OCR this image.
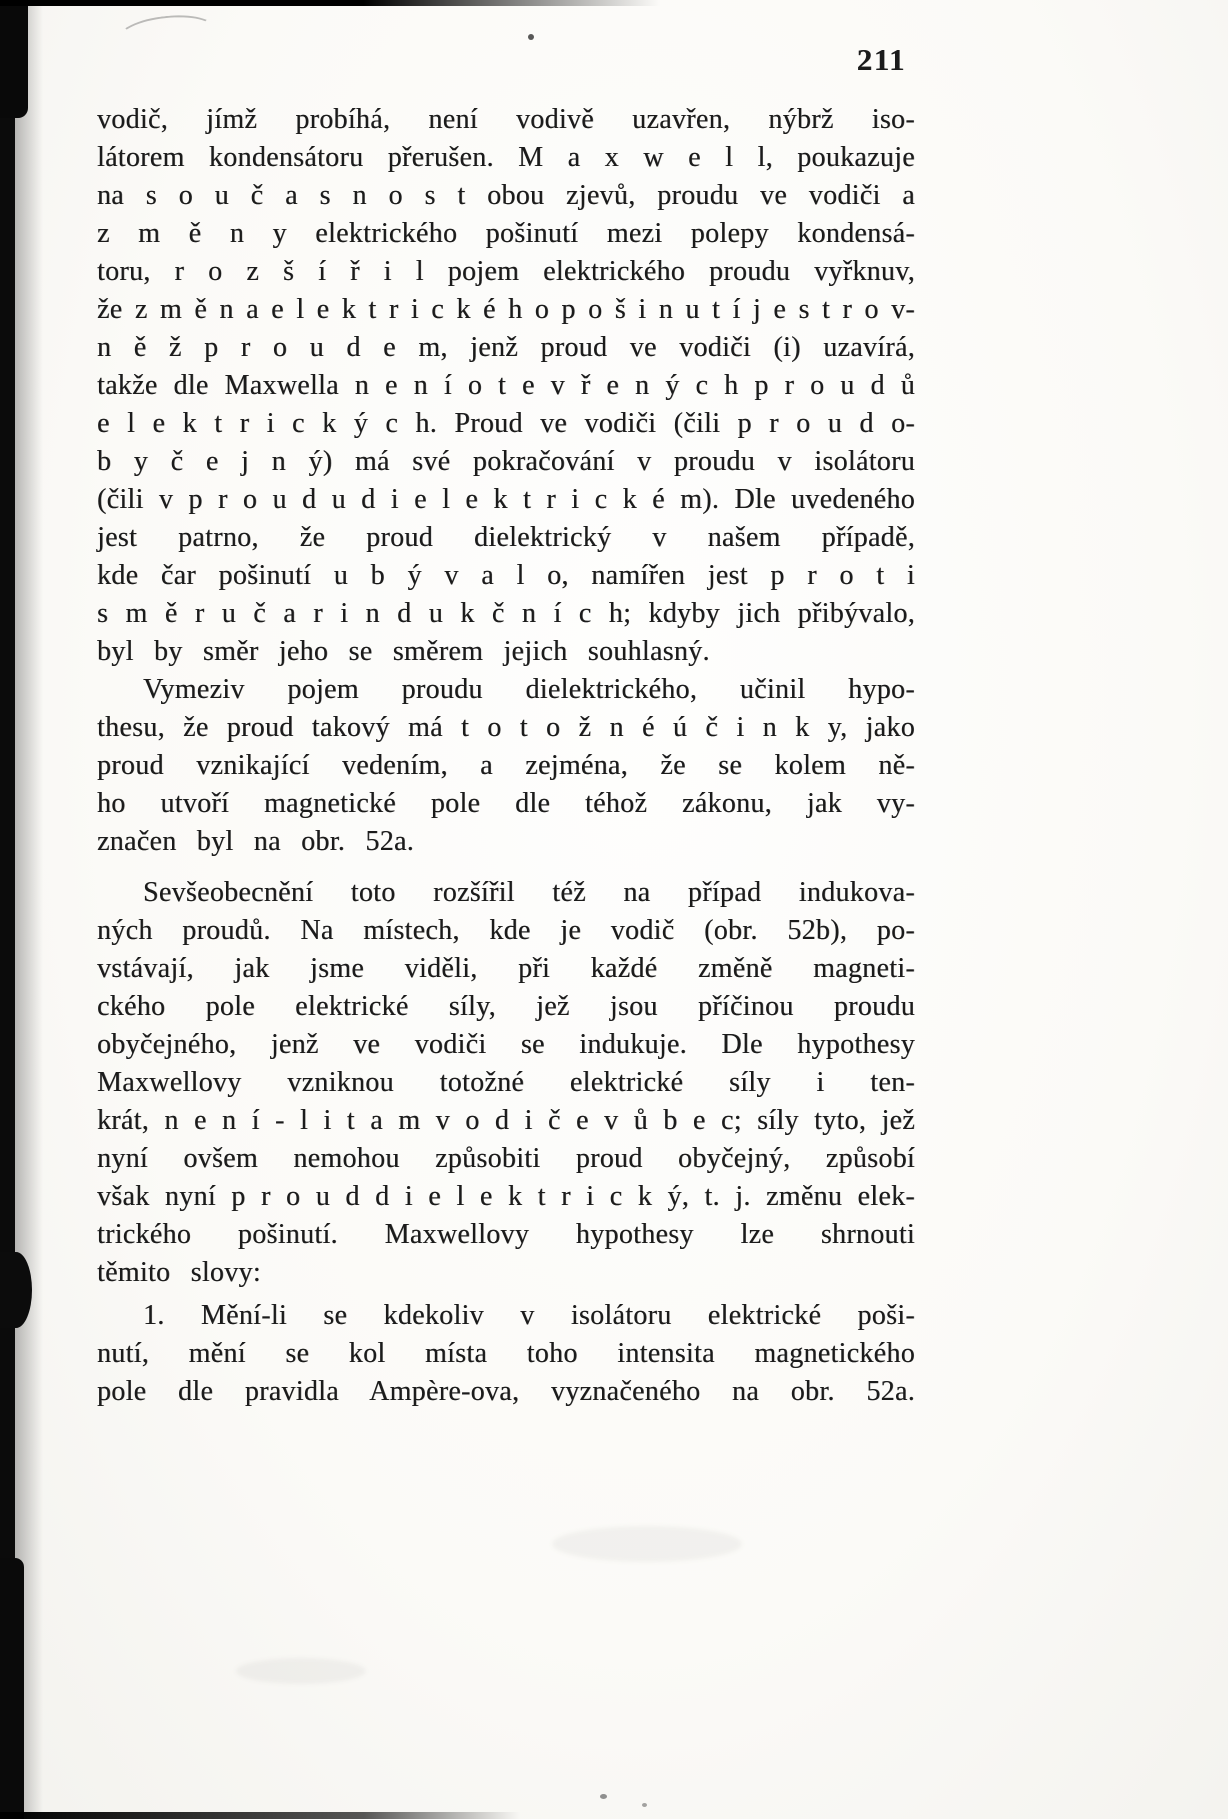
211
vodič, jímž probíhá, není vodivě uzavřen, nýbrž iso-
látorem kondensátoru přerušen. M a x w e l l, poukazuje
na s o u č a s n o s t obou zjevů, proudu ve vodiči a
z m ě n y elektrického pošinutí mezi polepy kondensá-
toru, r o z š í ř i l pojem elektrického proudu vyřknuv,
že z m ě n a e l e k t r i c k é h o p o š i n u t í j e s t r o v-
n ě ž p r o u d e m, jenž proud ve vodiči (i) uzavírá,
takže dle Maxwella n e n í o t e v ř e n ý c h p r o u d ů
e l e k t r i c k ý c h. Proud ve vodiči (čili p r o u d o-
b y č e j n ý) má své pokračování v proudu v isolátoru
(čili v p r o u d u d i e l e k t r i c k é m). Dle uvedeného
jest patrno, že proud dielektrický v našem případě,
kde čar pošinutí u b ý v a l o, namířen jest p r o t i
s m ě r u č a r i n d u k č n í c h; kdyby jich přibývalo,
byl by směr jeho se směrem jejich souhlasný.
Vymeziv pojem proudu dielektrického, učinil hypo-
thesu, že proud takový má t o t o ž n é ú č i n k y, jako
proud vznikající vedením, a zejména, že se kolem ně-
ho utvoří magnetické pole dle téhož zákonu, jak vy-
značen byl na obr. 52a.
Sevšeobecnění toto rozšířil též na případ indukova-
ných proudů. Na místech, kde je vodič (obr. 52b), po-
vstávají, jak jsme viděli, při každé změně magneti-
ckého pole elektrické síly, jež jsou příčinou proudu
obyčejného, jenž ve vodiči se indukuje. Dle hypothesy
Maxwellovy vzniknou totožné elektrické síly i ten-
krát, n e n í - l i t a m v o d i č e v ů b e c; síly tyto, jež
nyní ovšem nemohou způsobiti proud obyčejný, způsobí
však nyní p r o u d d i e l e k t r i c k ý, t. j. změnu elek-
trického pošinutí. Maxwellovy hypothesy lze shrnouti
těmito slovy:
1. Mění-li se kdekoliv v isolátoru elektrické poši-
nutí, mění se kol místa toho intensita magnetického
pole dle pravidla Ampère-ova, vyznačeného na obr. 52a.
